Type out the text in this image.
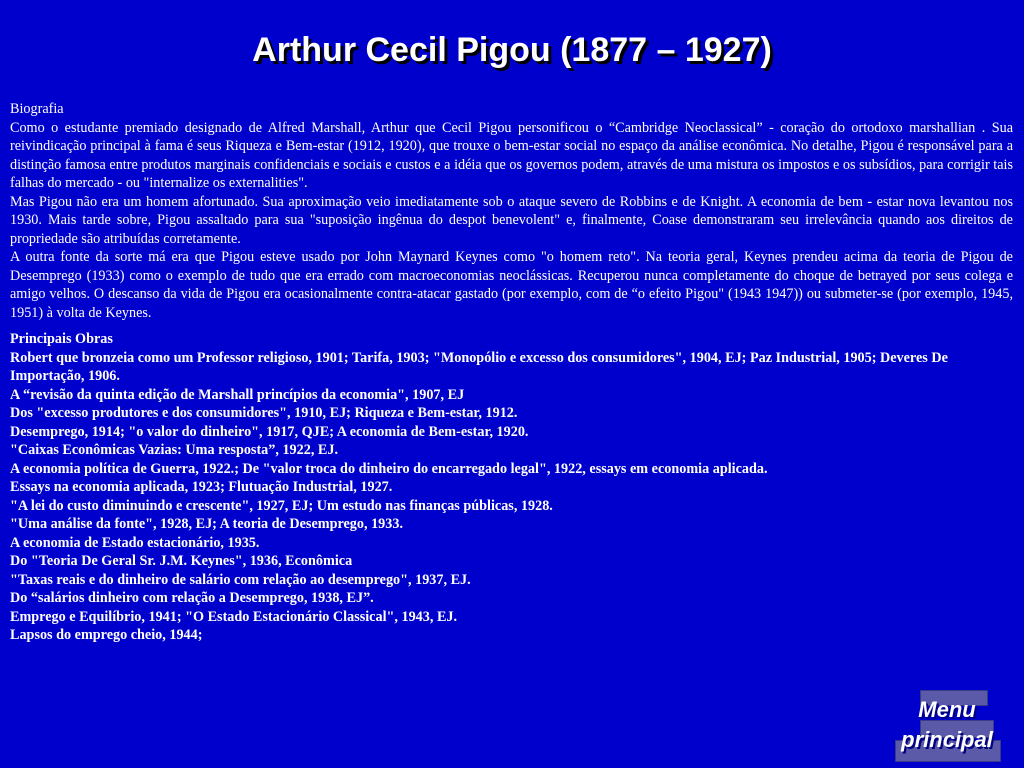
Arthur Cecil Pigou (1877 – 1927)

Biografia

Como o estudante premiado designado de Alfred Marshall, Arthur que Cecil Pigou personificou o “Cambridge Neoclassical” - coração do ortodoxo marshallian . Sua reivindicação principal à fama é seus Riqueza e Bem-estar (1912, 1920), que trouxe o bem-estar social no espaço da análise econômica. No detalhe, Pigou é responsável para a distinção famosa entre produtos marginais confidenciais e sociais e custos e a idéia que os governos podem, através de uma mistura os impostos e os subsídios, para corrigir tais falhas do mercado - ou "internalize os externalities".

Mas Pigou não era um homem afortunado. Sua aproximação veio imediatamente sob o ataque severo de Robbins e de Knight. A economia de bem - estar nova levantou nos 1930. Mais tarde sobre, Pigou assaltado para sua "suposição ingênua do despot benevolent" e, finalmente, Coase demonstraram seu irrelevância quando aos direitos de propriedade são atribuídas corretamente.

A outra fonte da sorte má era que Pigou esteve usado por John Maynard Keynes como "o homem reto". Na teoria geral, Keynes prendeu acima da teoria de Pigou de Desemprego (1933) como o exemplo de tudo que era errado com macroeconomias neoclássicas. Recuperou nunca completamente do choque de betrayed por seus colega e amigo velhos. O descanso da vida de Pigou era ocasionalmente contra-atacar gastado (por exemplo, com de “o efeito Pigou" (1943 1947)) ou submeter-se (por exemplo, 1945, 1951) à volta de Keynes.

Principais Obras

Robert que bronzeia como um Professor religioso, 1901; Tarifa, 1903; "Monopólio e excesso dos consumidores", 1904, EJ; Paz Industrial, 1905; Deveres De Importação, 1906.

A “revisão da quinta edição de Marshall princípios da economia", 1907, EJ

Dos "excesso produtores e dos consumidores", 1910, EJ; Riqueza e Bem-estar, 1912.

Desemprego, 1914; "o valor do dinheiro", 1917, QJE; A economia de Bem-estar, 1920.

"Caixas Econômicas Vazias: Uma resposta”, 1922, EJ.

A economia política de Guerra, 1922.; De "valor troca do dinheiro do encarregado legal", 1922, essays em economia aplicada.

Essays na economia aplicada, 1923; Flutuação Industrial, 1927.

"A lei do custo diminuindo e crescente", 1927, EJ; Um estudo nas finanças públicas, 1928.

"Uma análise da fonte", 1928, EJ; A teoria de Desemprego, 1933.

A economia de Estado estacionário, 1935.

Do "Teoria De Geral Sr. J.M. Keynes", 1936, Econômica

"Taxas reais e do dinheiro de salário com relação ao desemprego", 1937, EJ.

Do “salários dinheiro com relação a Desemprego, 1938, EJ”.

Emprego e Equilíbrio, 1941; "O Estado Estacionário Classical", 1943, EJ.

Lapsos do emprego cheio, 1944;

Menu
principal
